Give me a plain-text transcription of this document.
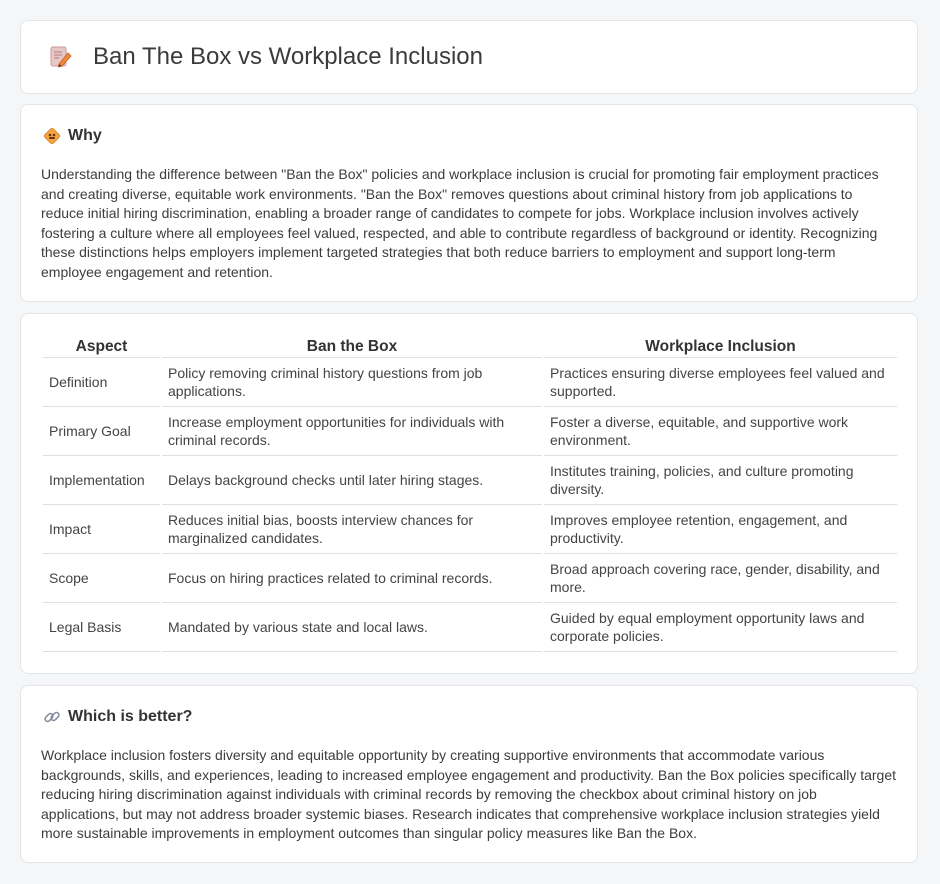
Ban The Box vs Workplace Inclusion
Why
Understanding the difference between "Ban the Box" policies and workplace inclusion is crucial for promoting fair employment practices and creating diverse, equitable work environments. "Ban the Box" removes questions about criminal history from job applications to reduce initial hiring discrimination, enabling a broader range of candidates to compete for jobs. Workplace inclusion involves actively fostering a culture where all employees feel valued, respected, and able to contribute regardless of background or identity. Recognizing these distinctions helps employers implement targeted strategies that both reduce barriers to employment and support long-term employee engagement and retention.
Aspect	Ban the Box	Workplace Inclusion
Definition	Policy removing criminal history questions from job applications.	Practices ensuring diverse employees feel valued and supported.
Primary Goal	Increase employment opportunities for individuals with criminal records.	Foster a diverse, equitable, and supportive work environment.
Implementation	Delays background checks until later hiring stages.	Institutes training, policies, and culture promoting diversity.
Impact	Reduces initial bias, boosts interview chances for marginalized candidates.	Improves employee retention, engagement, and productivity.
Scope	Focus on hiring practices related to criminal records.	Broad approach covering race, gender, disability, and more.
Legal Basis	Mandated by various state and local laws.	Guided by equal employment opportunity laws and corporate policies.
Which is better?
Workplace inclusion fosters diversity and equitable opportunity by creating supportive environments that accommodate various backgrounds, skills, and experiences, leading to increased employee engagement and productivity. Ban the Box policies specifically target reducing hiring discrimination against individuals with criminal records by removing the checkbox about criminal history on job applications, but may not address broader systemic biases. Research indicates that comprehensive workplace inclusion strategies yield more sustainable improvements in employment outcomes than singular policy measures like Ban the Box.
